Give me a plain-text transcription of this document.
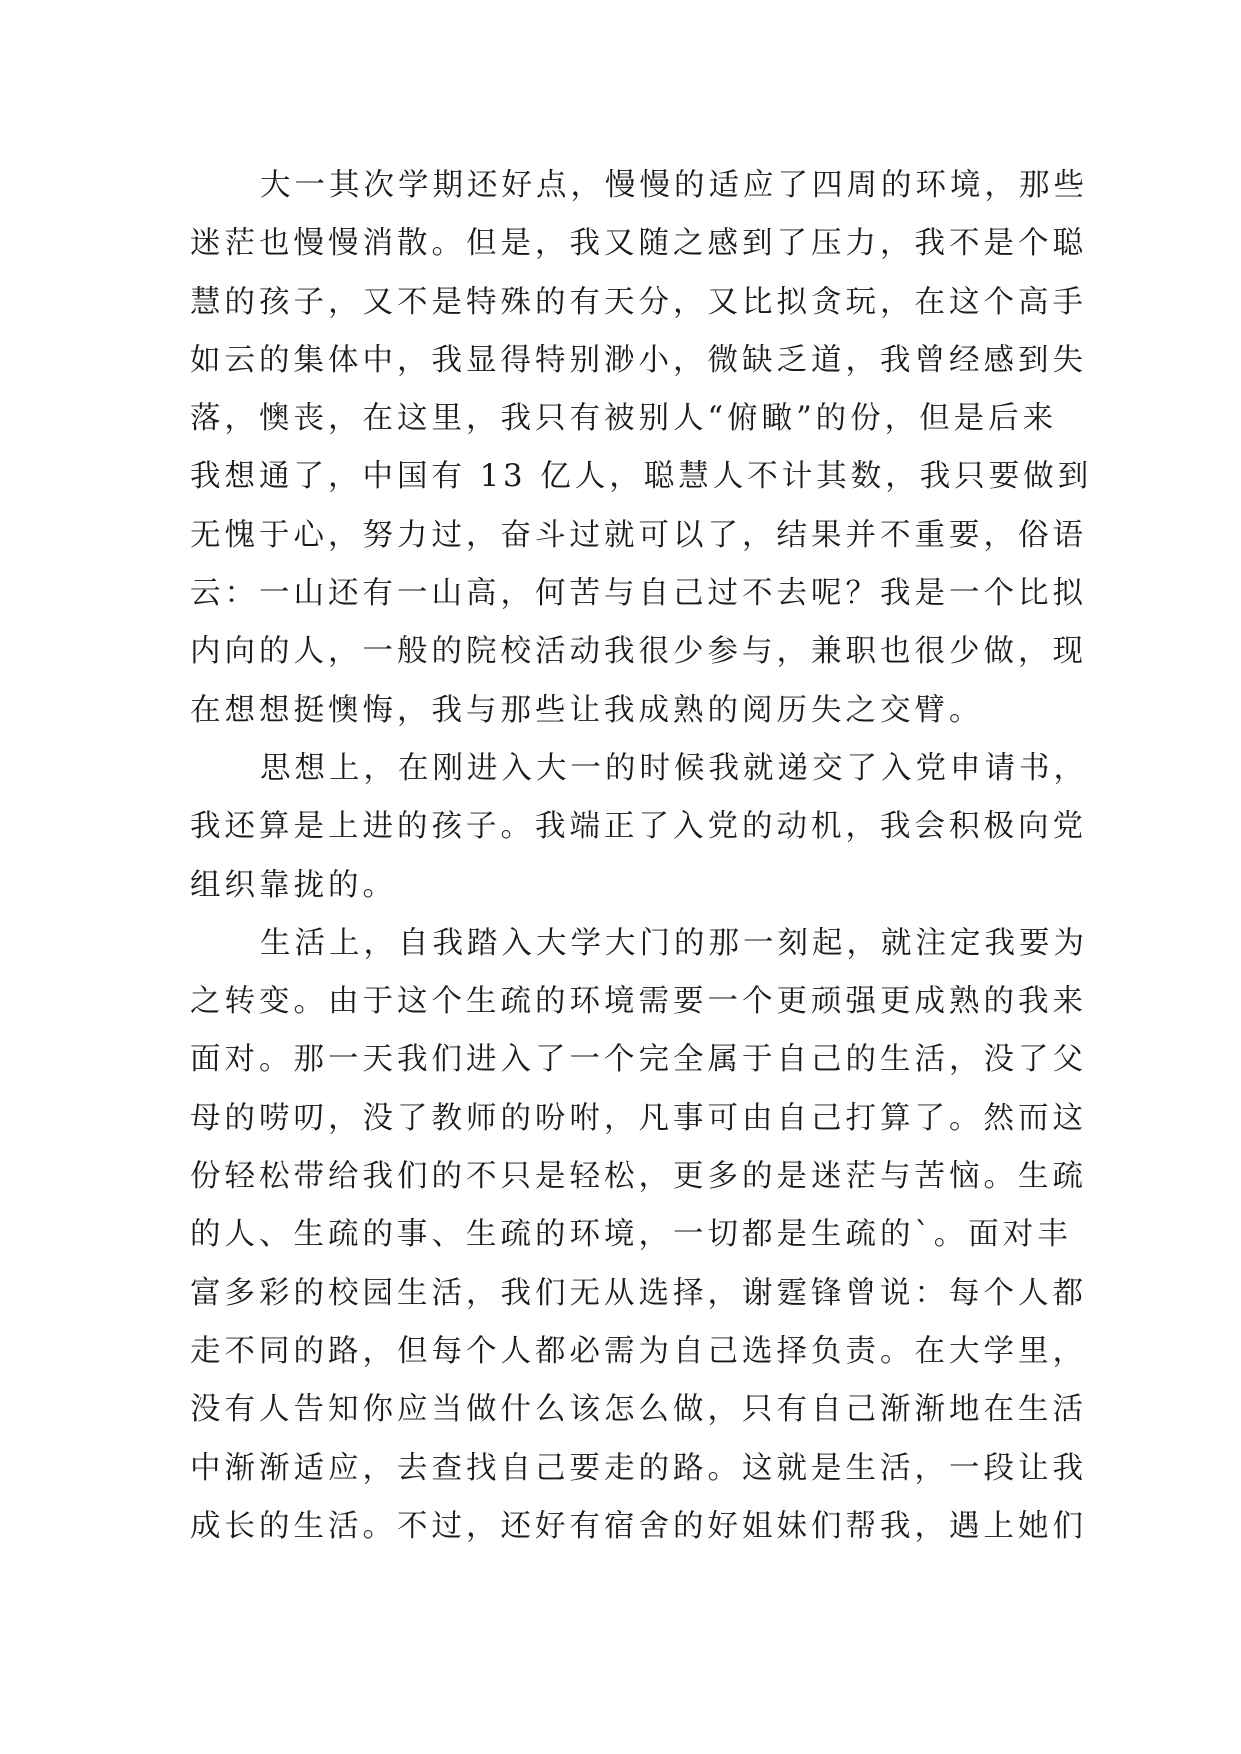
大一其次学期还好点，慢慢的适应了四周的环境，那些
迷茫也慢慢消散。但是，我又随之感到了压力，我不是个聪
慧的孩子，又不是特殊的有天分，又比拟贪玩，在这个高手
如云的集体中，我显得特别渺小，微缺乏道，我曾经感到失
落，懊丧，在这里，我只有被别人“俯瞰”的份，但是后来
我想通了，中国有 13 亿人，聪慧人不计其数，我只要做到
无愧于心，努力过，奋斗过就可以了，结果并不重要，俗语
云：一山还有一山高，何苦与自己过不去呢？我是一个比拟
内向的人，一般的院校活动我很少参与，兼职也很少做，现
在想想挺懊悔，我与那些让我成熟的阅历失之交臂。
思想上，在刚进入大一的时候我就递交了入党申请书，
我还算是上进的孩子。我端正了入党的动机，我会积极向党
组织靠拢的。
生活上，自我踏入大学大门的那一刻起，就注定我要为
之转变。由于这个生疏的环境需要一个更顽强更成熟的我来
面对。那一天我们进入了一个完全属于自己的生活，没了父
母的唠叨，没了教师的吩咐，凡事可由自己打算了。然而这
份轻松带给我们的不只是轻松，更多的是迷茫与苦恼。生疏
的人、生疏的事、生疏的环境，一切都是生疏的`。面对丰
富多彩的校园生活，我们无从选择，谢霆锋曾说：每个人都
走不同的路，但每个人都必需为自己选择负责。在大学里，
没有人告知你应当做什么该怎么做，只有自己渐渐地在生活
中渐渐适应，去查找自己要走的路。这就是生活，一段让我
成长的生活。不过，还好有宿舍的好姐妹们帮我，遇上她们
